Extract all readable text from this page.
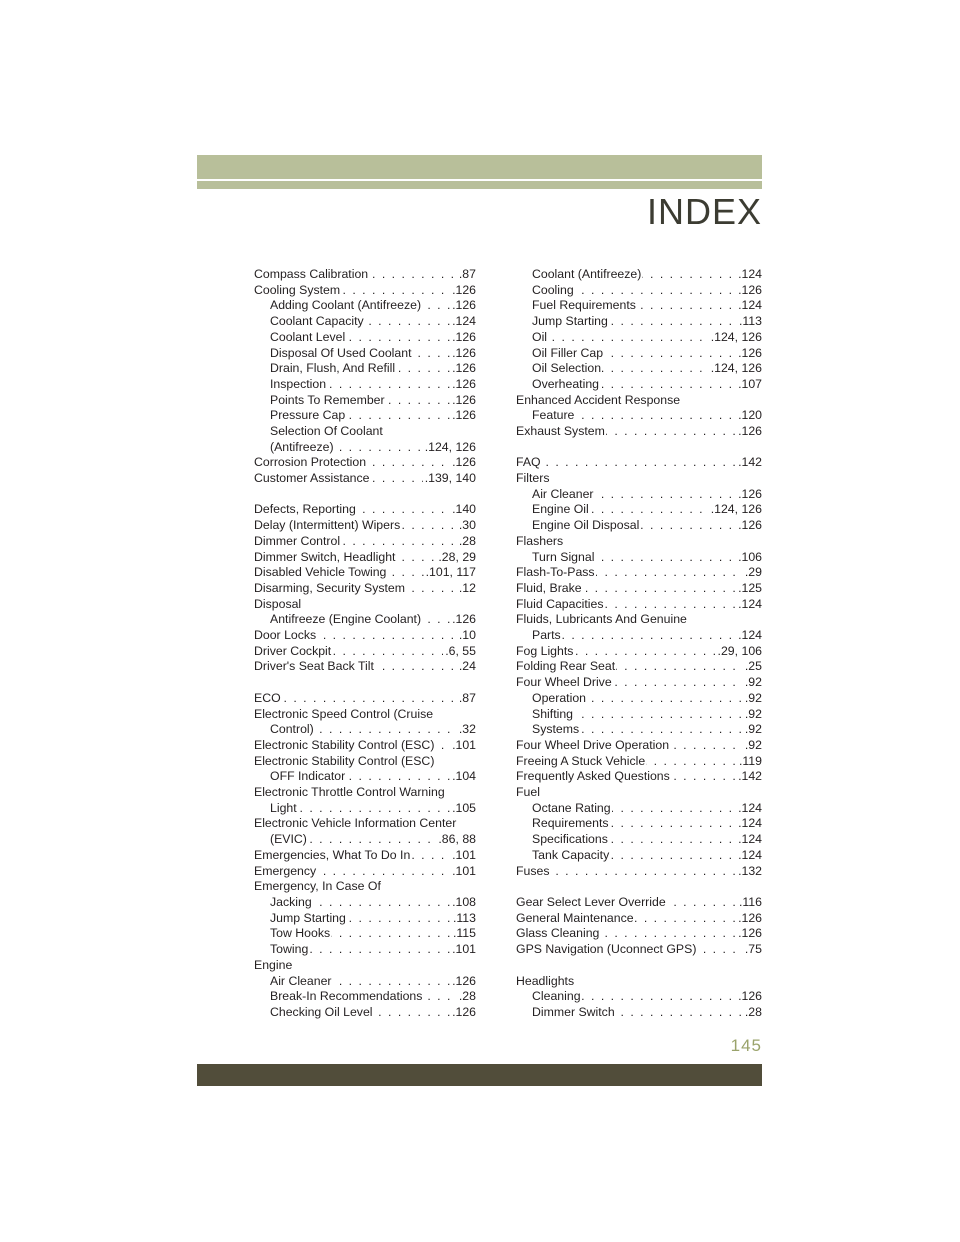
INDEX
. . . Compass Calibration	.87
. . . Cooling System	.126
. . . Adding Coolant (Antifreeze)	.126
. . . Coolant Capacity	.124
. . . Coolant Level	.126
. . . Disposal Of Used Coolant	.126
. . . Drain, Flush, And Refill	.126
. . . Inspection	.126
. . . Points To Remember	.126
. . . Pressure Cap	.126
Selection Of Coolant
. . . (Antifreeze)	.124, 126
. . . Corrosion Protection	.126
. . . Customer Assistance	.139, 140
. . . Defects, Reporting	.140
. . . Delay (Intermittent) Wipers	.30
. . . Dimmer Control	.28
. . . Dimmer Switch, Headlight	.28, 29
. . . Disabled Vehicle Towing	.101, 117
. . . Disarming, Security System	.12
Disposal
. . . Antifreeze (Engine Coolant)	.126
. . . Door Locks	.10
. . . Driver Cockpit	.6, 55
. . . Driver's Seat Back Tilt	.24
. . . ECO	.87
Electronic Speed Control (Cruise
. . . Control)	.32
. . . Electronic Stability Control (ESC) .101
Electronic Stability Control (ESC)
. . . OFF Indicator	.104
Electronic Throttle Control Warning
. . . Light	.105
Electronic Vehicle Information Center
. . . (EVIC)	.86, 88
. . . Emergencies, What To Do In	.101
. . . Emergency	.101
Emergency, In Case Of
. . . Jacking	.108
. . . Jump Starting	.113
. . . Tow Hooks	.115
. . . Towing	.101
Engine
. . . Air Cleaner	.126
. . . Break-In Recommendations	.28
. . . Checking Oil Level	.126
. . . Coolant (Antifreeze)	.124
. . . Cooling	.126
. . . Fuel Requirements	.124
. . . Jump Starting	.113
. . . Oil	.124, 126
. . . Oil Filler Cap	.126
. . . Oil Selection	.124, 126
. . . Overheating	.107
Enhanced Accident Response
. . . Feature	.120
. . . Exhaust System	.126
. . . FAQ	.142
Filters
. . . Air Cleaner	.126
. . . Engine Oil	.124, 126
. . . Engine Oil Disposal	.126
Flashers
. . . Turn Signal	.106
. . . Flash-To-Pass	.29
. . . Fluid, Brake	.125
. . . Fluid Capacities	.124
Fluids, Lubricants And Genuine
. . . Parts	.124
. . . Fog Lights	.29, 106
. . . Folding Rear Seat	.25
. . . Four Wheel Drive	.92
. . . Operation	.92
. . . Shifting	.92
. . . Systems	.92
. . . Four Wheel Drive Operation	.92
. . . Freeing A Stuck Vehicle	.119
. . . Frequently Asked Questions	.142
Fuel
. . . Octane Rating	.124
. . . Requirements	.124
. . . Specifications	.124
. . . Tank Capacity	.124
. . . Fuses	.132
. . . Gear Select Lever Override	.116
. . . General Maintenance	.126
. . . Glass Cleaning	.126
. . . GPS Navigation (Uconnect GPS)	.75
Headlights
. . . Cleaning	.126
. . . Dimmer Switch	.28
145
